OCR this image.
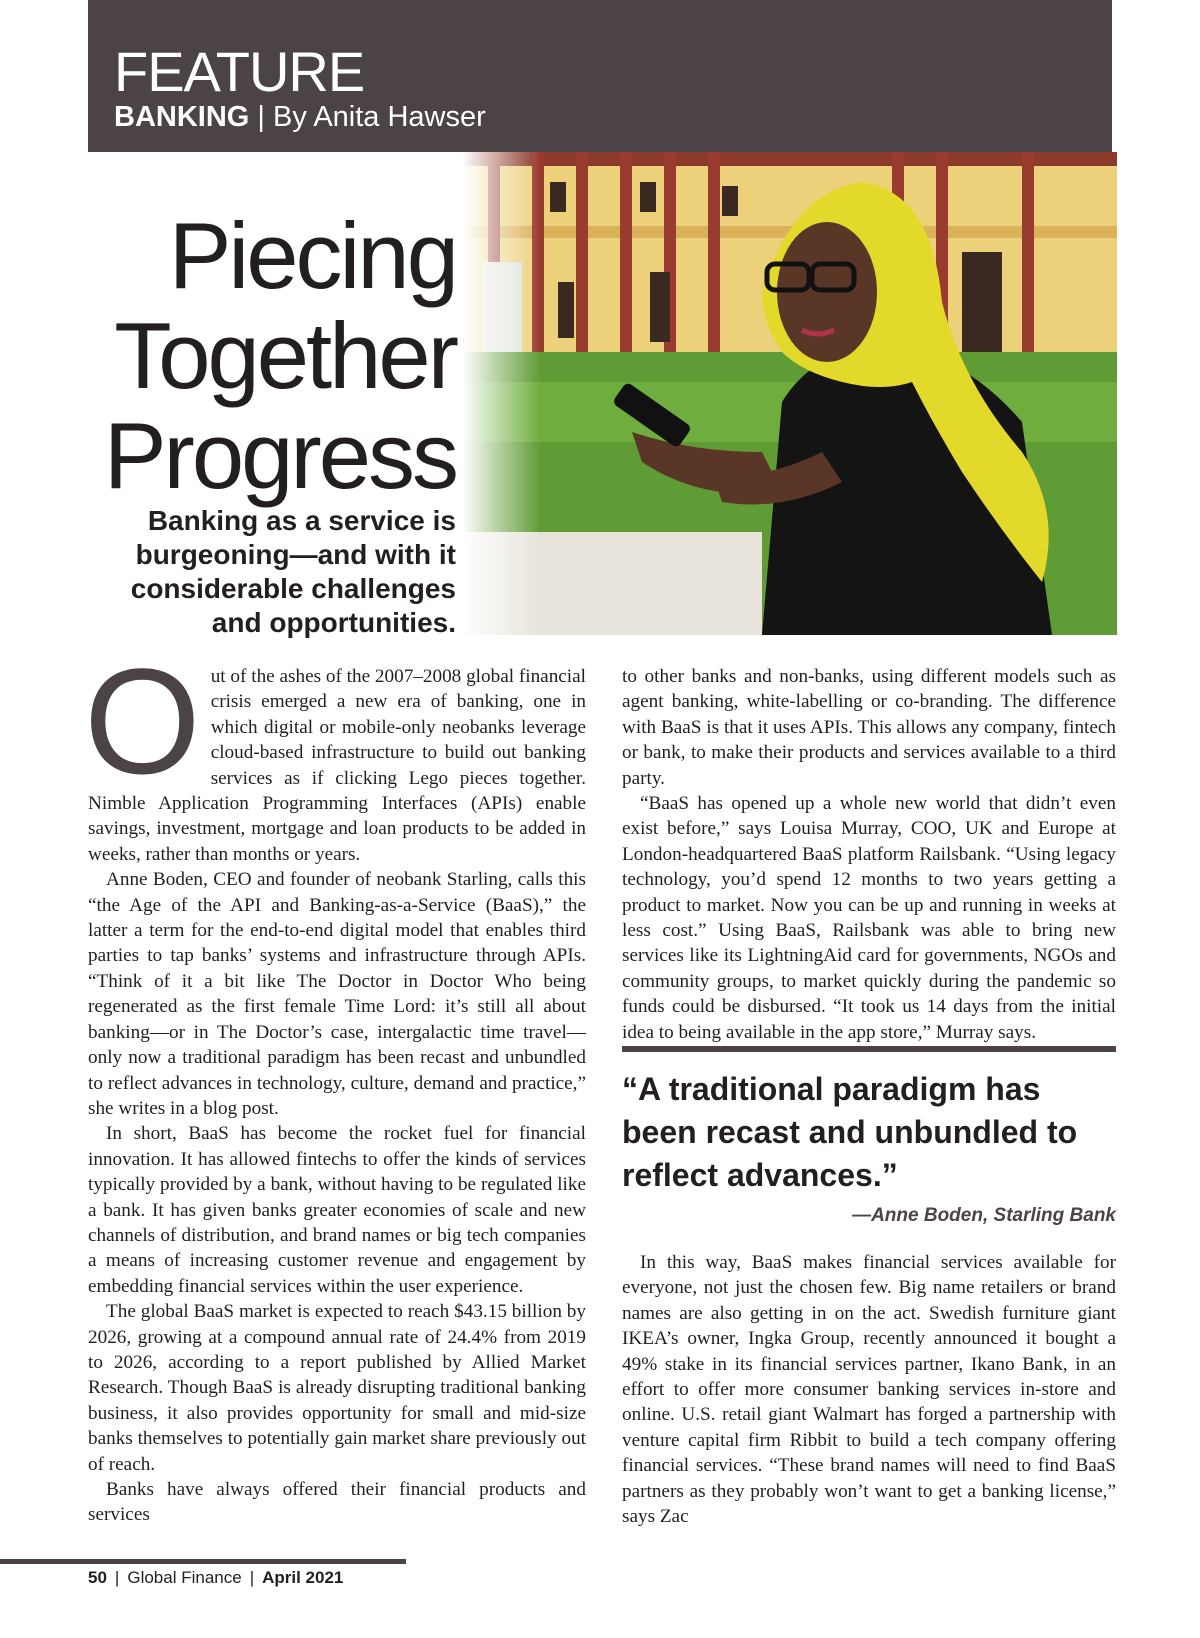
FEATURE
BANKING | By Anita Hawser
Piecing
Together
Progress
Banking as a service is burgeoning—and with it considerable challenges and opportunities.

Out of the ashes of the 2007–2008 global financial crisis emerged a new era of banking, one in which digital or mobile-only neobanks leverage cloud-based infrastructure to build out banking services as if clicking Lego pieces together. Nimble Application Programming Interfaces (APIs) enable savings, investment, mortgage and loan products to be added in weeks, rather than months or years.

Anne Boden, CEO and founder of neobank Starling, calls this “the Age of the API and Banking-as-a-Service (BaaS),” the latter a term for the end-to-end digital model that enables third parties to tap banks’ systems and infrastructure through APIs. “Think of it a bit like The Doctor in Doctor Who being regenerated as the first female Time Lord: it’s still all about banking—or in The Doctor’s case, intergalactic time travel—only now a traditional paradigm has been recast and unbundled to reflect advances in technology, culture, demand and practice,” she writes in a blog post.

In short, BaaS has become the rocket fuel for financial innovation. It has allowed fintechs to offer the kinds of services typically provided by a bank, without having to be regulated like a bank. It has given banks greater economies of scale and new channels of distribution, and brand names or big tech companies a means of increasing customer revenue and engagement by embedding financial services within the user experience.

The global BaaS market is expected to reach $43.15 billion by 2026, growing at a compound annual rate of 24.4% from 2019 to 2026, according to a report published by Allied Market Research. Though BaaS is already disrupting traditional banking business, it also provides opportunity for small and mid-size banks themselves to potentially gain market share previously out of reach.

Banks have always offered their financial products and services

to other banks and non-banks, using different models such as agent banking, white-labelling or co-branding. The difference with BaaS is that it uses APIs. This allows any company, fintech or bank, to make their products and services available to a third party.

“BaaS has opened up a whole new world that didn’t even exist before,” says Louisa Murray, COO, UK and Europe at London-headquartered BaaS platform Railsbank. “Using legacy technology, you’d spend 12 months to two years getting a product to market. Now you can be up and running in weeks at less cost.” Using BaaS, Railsbank was able to bring new services like its LightningAid card for governments, NGOs and community groups, to market quickly during the pandemic so funds could be disbursed. “It took us 14 days from the initial idea to being available in the app store,” Murray says.

“A traditional paradigm has been recast and unbundled to reflect advances.”
—Anne Boden, Starling Bank

In this way, BaaS makes financial services available for everyone, not just the chosen few. Big name retailers or brand names are also getting in on the act. Swedish furniture giant IKEA’s owner, Ingka Group, recently announced it bought a 49% stake in its financial services partner, Ikano Bank, in an effort to offer more consumer banking services in-store and online. U.S. retail giant Walmart has forged a partnership with venture capital firm Ribbit to build a tech company offering financial services. “These brand names will need to find BaaS partners as they probably won’t want to get a banking license,” says Zac

50 | Global Finance | April 2021
